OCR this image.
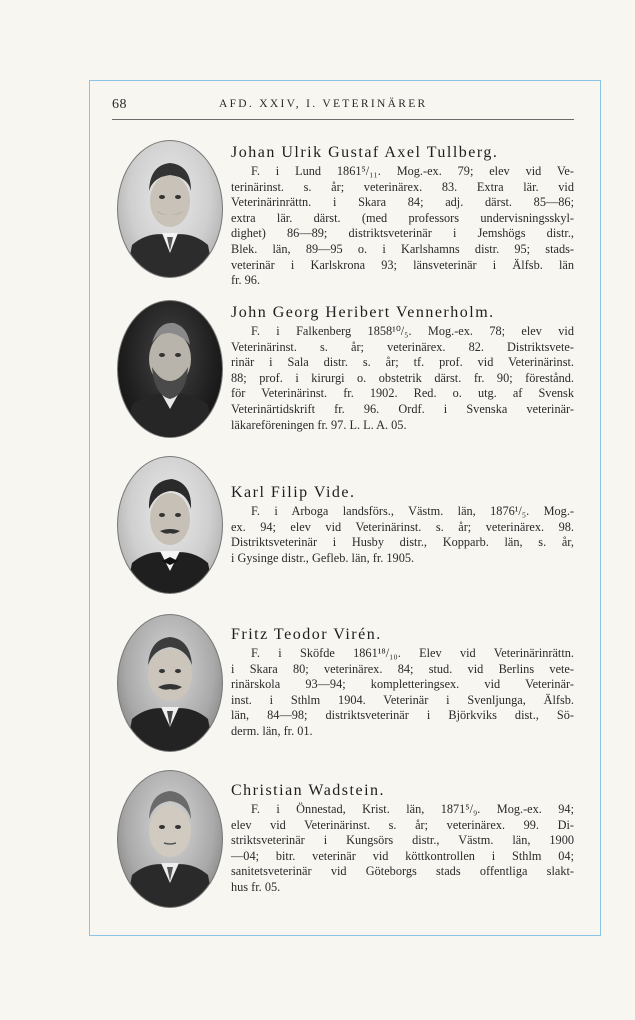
68	AFD. XXIV, I. VETERINÄRER
Johan Ulrik Gustaf Axel Tullberg.
F. i Lund 1861⁵/₁₁. Mog.-ex. 79; elev vid Ve-
terinärinst. s. år; veterinärex. 83. Extra lär. vid
Veterinärinrättn. i Skara 84; adj. därst. 85—86;
extra lär. därst. (med professors undervisningsskyl-
dighet) 86—89; distriktsveterinär i Jemshögs distr.,
Blek. län, 89—95 o. i Karlshamns distr. 95; stads-
veterinär i Karlskrona 93; länsveterinär i Älfsb. län
fr. 96.
John Georg Heribert Vennerholm.
F. i Falkenberg 1858¹⁰/₅. Mog.-ex. 78; elev vid
Veterinärinst. s. år; veterinärex. 82. Distriktsvete-
rinär i Sala distr. s. år; tf. prof. vid Veterinärinst.
88; prof. i kirurgi o. obstetrik därst. fr. 90; förestånd.
för Veterinärinst. fr. 1902. Red. o. utg. af Svensk
Veterinärtidskrift fr. 96. Ordf. i Svenska veterinär-
läkareföreningen fr. 97. L. L. A. 05.
Karl Filip Vide.
F. i Arboga landsförs., Västm. län, 1876¹/₅. Mog.-
ex. 94; elev vid Veterinärinst. s. år; veterinärex. 98.
Distriktsveterinär i Husby distr., Kopparb. län, s. år,
i Gysinge distr., Gefleb. län, fr. 1905.
Fritz Teodor Virén.
F. i Sköfde 1861¹⁸/₁₀. Elev vid Veterinärinrättn.
i Skara 80; veterinärex. 84; stud. vid Berlins vete-
rinärskola 93—94; kompletteringsex. vid Veterinär-
inst. i Sthlm 1904. Veterinär i Svenljunga, Älfsb.
län, 84—98; distriktsveterinär i Björkviks dist., Sö-
derm. län, fr. 01.
Christian Wadstein.
F. i Önnestad, Krist. län, 1871⁵/₉. Mog.-ex. 94;
elev vid Veterinärinst. s. år; veterinärex. 99. Di-
striktsveterinär i Kungsörs distr., Västm. län, 1900
—04; bitr. veterinär vid köttkontrollen i Sthlm 04;
sanitetsveterinär vid Göteborgs stads offentliga slakt-
hus fr. 05.
